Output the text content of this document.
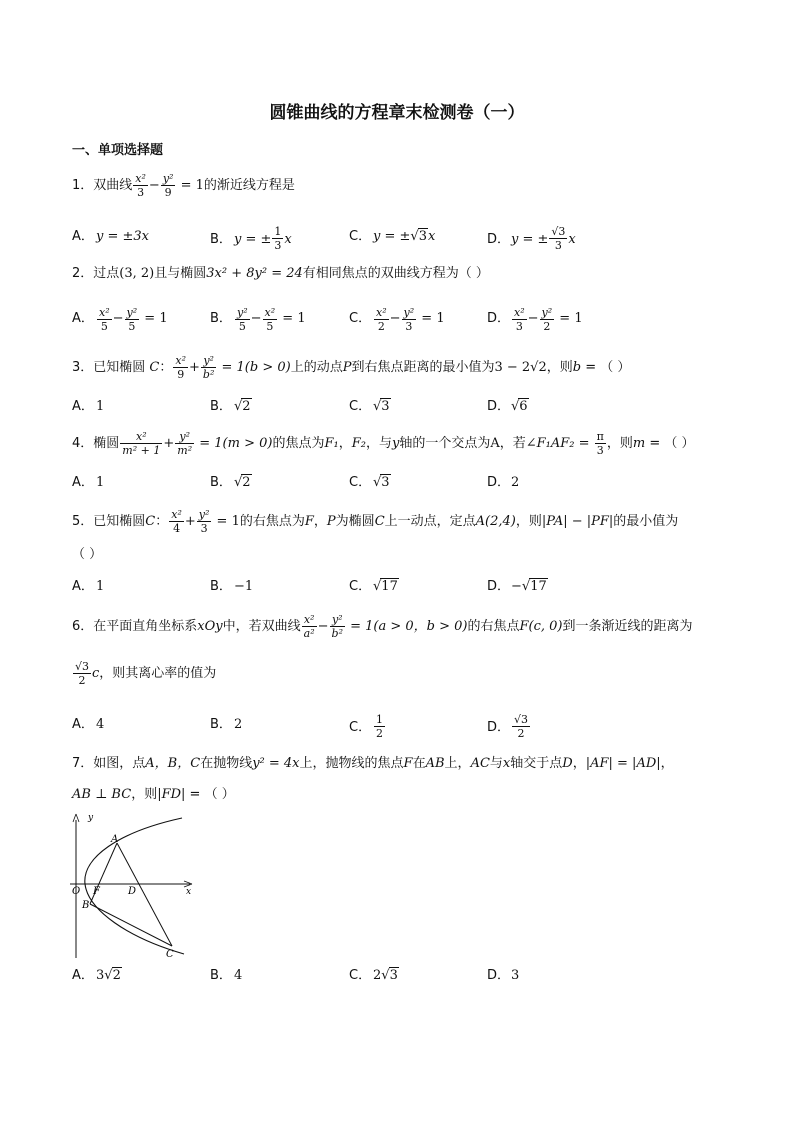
圆锥曲线的方程章末检测卷（一）
一、单项选择题
1．双曲线 $\frac{\text{x²}}{3} - \frac{\text{y²}}{9} = 1$的渐近线方程是
A． y = ±3x	B． y = ± $\frac{1}{3}$ x	C． y = ±√3x	D．y = ± $\frac{√3}{3}$ x
2．过点(3, 2)且与椭圆3x² + 8y² = 24有相同焦点的双曲线方程为（ ）
A． $\frac{\text{x²}}{5} - \frac{\text{y²}}{5} = 1$	B． $\frac{\text{y²}}{5} - \frac{\text{x²}}{5} = 1$	C． $\frac{\text{x²}}{2} - \frac{\text{y²}}{3} = 1$	D． $\frac{\text{x²}}{3} - \frac{\text{y²}}{2} = 1$
3．已知椭圆 C： $\frac{\text{x²}}{9} + \frac{\text{y²}}{\text{b²}} = 1(b > 0)$上的动点P到右焦点距离的最小值为3 − 2√2，则b = （ ）
A． 1	B． √2	C． √3	D．√6
4．椭圆 $\frac{\text{x²}}{\text{m² + 1}} + \frac{\text{y²}}{\text{m²}} = 1(m > 0)$的焦点为F₁，F₂，与y轴的一个交点为A，若∠F₁AF₂ = $\frac{\pi}{3}$ ，则m = （ ）
A． 1	B． √2	C． √3	D．2
5．已知椭圆C： $\frac{\text{x²}}{4} + \frac{\text{y²}}{3} = 1$的右焦点为F，P为椭圆C上一动点，定点A(2,4)，则|PA| − |PF|的最小值为
（ ）
A． 1	B． −1	C． √17	D．−√17
6．在平面直角坐标系xOy中，若双曲线 $\frac{\text{x²}}{\text{a²}} - \frac{\text{y²}}{\text{b²}} = 1(a > 0$，b > 0)的右焦点F(c, 0)到一条渐近线的距离为
$\frac{√3}{2}$ c，则其离心率的值为
A． 4	B． 2	C． $\frac{1}{2}$	D． $\frac{√3}{2}$
7．如图，点A，B，C在抛物线y² = 4x上，抛物线的焦点F在AB上，AC与x轴交于点D，|AF| = |AD|，
AB ⊥ BC，则|FD| = （ ）
y
x
A
B
C
D
F
O
A． 3√2	B． 4	C． 2√3	D．3
